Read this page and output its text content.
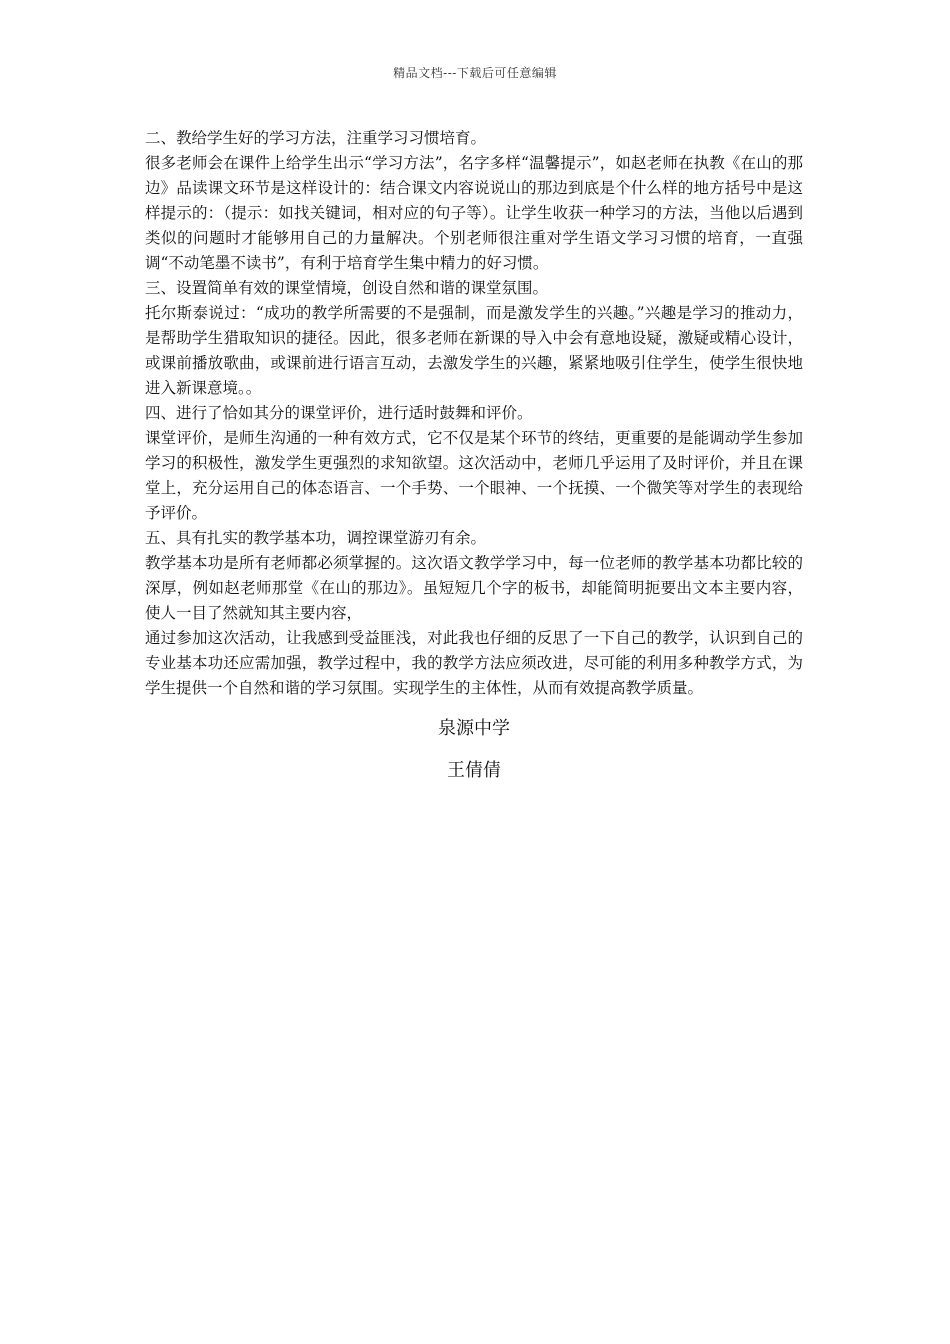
精品文档---下载后可任意编辑

二、教给学生好的学习方法，注重学习习惯培育。

很多老师会在课件上给学生出示“学习方法”，名字多样“温馨提示”，如赵老师在执教《在山的那边》品读课文环节是这样设计的：结合课文内容说说山的那边到底是个什么样的地方括号中是这样提示的：（提示：如找关键词，相对应的句子等）。让学生收获一种学习的方法，当他以后遇到类似的问题时才能够用自己的力量解决。个别老师很注重对学生语文学习习惯的培育，一直强调“不动笔墨不读书”，有利于培育学生集中精力的好习惯。

三、设置简单有效的课堂情境，创设自然和谐的课堂氛围。

托尔斯泰说过：“成功的教学所需要的不是强制，而是激发学生的兴趣。”兴趣是学习的推动力，是帮助学生猎取知识的捷径。因此，很多老师在新课的导入中会有意地设疑，激疑或精心设计，或课前播放歌曲，或课前进行语言互动，去激发学生的兴趣，紧紧地吸引住学生，使学生很快地进入新课意境。。

四、进行了恰如其分的课堂评价，进行适时鼓舞和评价。

课堂评价，是师生沟通的一种有效方式，它不仅是某个环节的终结，更重要的是能调动学生参加学习的积极性，激发学生更强烈的求知欲望。这次活动中，老师几乎运用了及时评价，并且在课堂上，充分运用自己的体态语言、一个手势、一个眼神、一个抚摸、一个微笑等对学生的表现给予评价。

五、具有扎实的教学基本功，调控课堂游刃有余。

教学基本功是所有老师都必须掌握的。这次语文教学学习中，每一位老师的教学基本功都比较的深厚，例如赵老师那堂《在山的那边》。虽短短几个字的板书，却能简明扼要出文本主要内容，使人一目了然就知其主要内容，

通过参加这次活动，让我感到受益匪浅，对此我也仔细的反思了一下自己的教学，认识到自己的专业基本功还应需加强，教学过程中，我的教学方法应须改进，尽可能的利用多种教学方式，为学生提供一个自然和谐的学习氛围。实现学生的主体性，从而有效提高教学质量。

泉源中学

王倩倩
